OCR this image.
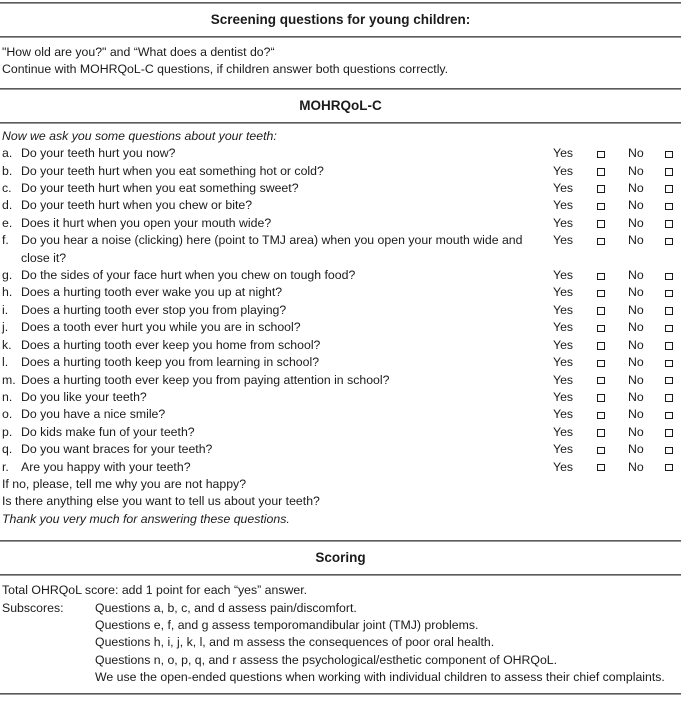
Screening questions for young children:
"How old are you?" and “What does a dentist do?“
Continue with MOHRQoL-C questions, if children answer both questions correctly.
MOHRQoL-C
Now we ask you some questions about your teeth:
a. Do your teeth hurt you now?	Yes	No
b. Do your teeth hurt when you eat something hot or cold?	Yes	No
c. Do your teeth hurt when you eat something sweet?	Yes	No
d. Do your teeth hurt when you chew or bite?	Yes	No
e. Does it hurt when you open your mouth wide?	Yes	No
f. Do you hear a noise (clicking) here (point to TMJ area) when you open your mouth wide and close it?
Yes	No
g. Do the sides of your face hurt when you chew on tough food?	Yes	No
h. Does a hurting tooth ever wake you up at night?	Yes	No
i.	Does a hurting tooth ever stop you from playing?	Yes	No
j.	Does a tooth ever hurt you while you are in school?	Yes	No
k. Does a hurting tooth ever keep you home from school?	Yes	No
l.	Does a hurting tooth keep you from learning in school?	Yes	No
m. Does a hurting tooth ever keep you from paying attention in school?	Yes	No
n. Do you like your teeth?	Yes	No
o. Do you have a nice smile?	Yes	No
p. Do kids make fun of your teeth?	Yes	No
q. Do you want braces for your teeth?	Yes	No
r. Are you happy with your teeth?	Yes	No
If no, please, tell me why you are not happy?
Is there anything else you want to tell us about your teeth?
Thank you very much for answering these questions.
Scoring
Total OHRQoL score: add 1 point for each “yes” answer.
Subscores:	Questions a, b, c, and d assess pain/discomfort.
Questions e, f, and g assess temporomandibular joint (TMJ) problems.
Questions h, i, j, k, l, and m assess the consequences of poor oral health.
Questions n, o, p, q, and r assess the psychological/esthetic component of OHRQoL.
We use the open-ended questions when working with individual children to assess their chief complaints.
